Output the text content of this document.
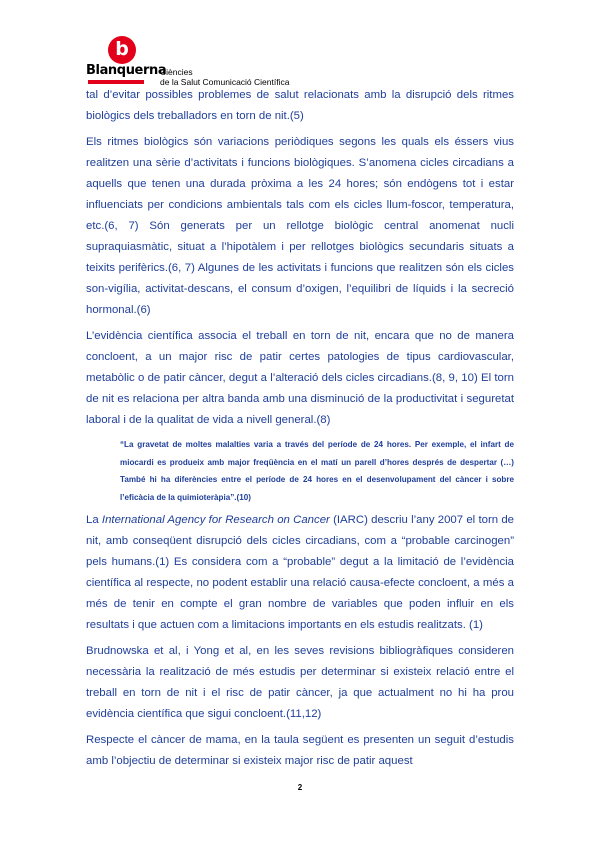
b
Blanquerna
Ciències
de la Salut Comunicació Científica

tal d’evitar possibles problemes de salut relacionats amb la disrupció dels ritmes biològics dels treballadors en torn de nit.(5)

Els ritmes biològics són variacions periòdiques segons les quals els éssers vius realitzen una sèrie d’activitats i funcions biològiques. S’anomena cicles circadians a aquells que tenen una durada pròxima a les 24 hores; són endògens tot i estar influenciats per condicions ambientals tals com els cicles llum-foscor, temperatura, etc.(6, 7) Són generats per un rellotge biològic central anomenat nucli supraquiasmàtic, situat a l’hipotàlem i per rellotges biològics secundaris situats a teixits perifèrics.(6, 7) Algunes de les activitats i funcions que realitzen són els cicles son-vigília, activitat-descans, el consum d’oxigen, l’equilibri de líquids i la secreció hormonal.(6)

L’evidència científica associa el treball en torn de nit, encara que no de manera concloent, a un major risc de patir certes patologies de tipus cardiovascular, metabòlic o de patir càncer, degut a l’alteració dels cicles circadians.(8, 9, 10) El torn de nit es relaciona per altra banda amb una disminució de la productivitat i seguretat laboral i de la qualitat de vida a nivell general.(8)

“La gravetat de moltes malalties varia a través del període de 24 hores. Per exemple, el infart de miocardi es produeix amb major freqüència en el matí un parell d’hores després de despertar (…) També hi ha diferències entre el període de 24 hores en el desenvolupament del càncer i sobre l’eficàcia de la quimioteràpia”.(10)

La International Agency for Research on Cancer (IARC) descriu l’any 2007 el torn de nit, amb conseqüent disrupció dels cicles circadians, com a “probable carcinogen” pels humans.(1) Es considera com a “probable” degut a la limitació de l’evidència científica al respecte, no podent establir una relació causa-efecte concloent, a més a més de tenir en compte el gran nombre de variables que poden influir en els resultats i que actuen com a limitacions importants en els estudis realitzats. (1)

Brudnowska et al, i Yong et al, en les seves revisions bibliogràfiques consideren necessària la realització de més estudis per determinar si existeix relació entre el treball en torn de nit i el risc de patir càncer, ja que actualment no hi ha prou evidència científica que sigui concloent.(11,12)

Respecte el càncer de mama, en la taula següent es presenten un seguit d’estudis amb l’objectiu de determinar si existeix major risc de patir aquest

2
